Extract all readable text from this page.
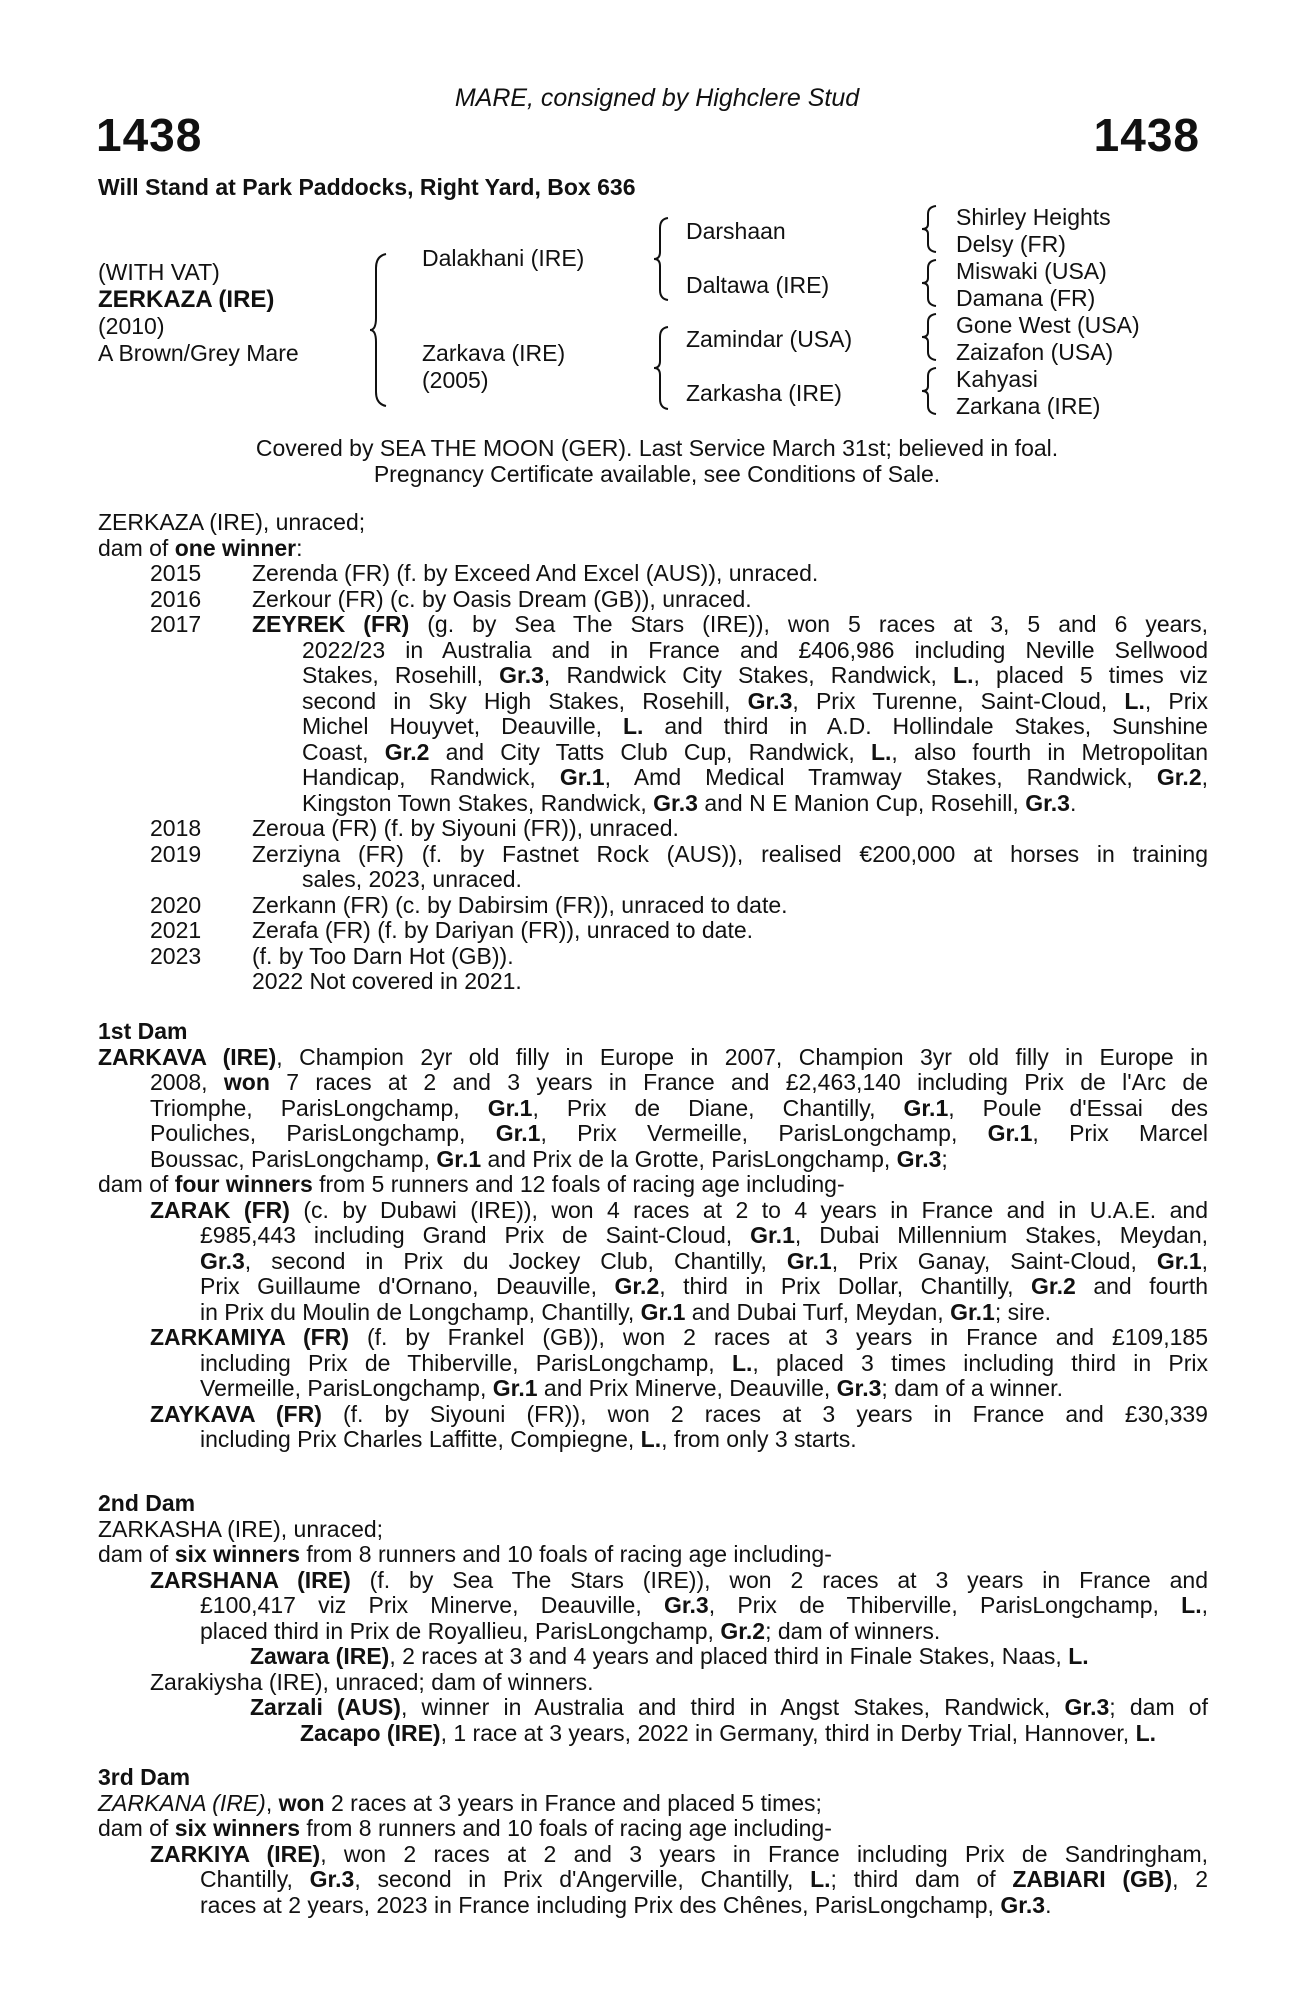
MARE, consigned by Highclere Stud
1438	1438
Will Stand at Park Paddocks, Right Yard, Box 636
(WITH VAT)
ZERKAZA (IRE)
(2010)
A Brown/Grey Mare
Dalakhani (IRE)
Zarkava (IRE)
(2005)
Darshaan
Daltawa (IRE)
Zamindar (USA)
Zarkasha (IRE)
Shirley Heights
Delsy (FR)
Miswaki (USA)
Damana (FR)
Gone West (USA)
Zaizafon (USA)
Kahyasi
Zarkana (IRE)
Covered by SEA THE MOON (GER). Last Service March 31st; believed in foal.
Pregnancy Certificate available, see Conditions of Sale.
ZERKAZA (IRE), unraced;
dam of one winner:
2015 Zerenda (FR) (f. by Exceed And Excel (AUS)), unraced.
2016 Zerkour (FR) (c. by Oasis Dream (GB)), unraced.
2017 ZEYREK (FR) (g. by Sea The Stars (IRE)), won 5 races at 3, 5 and 6 years,
2022/23 in Australia and in France and £406,986 including Neville Sellwood
Stakes, Rosehill, Gr.3, Randwick City Stakes, Randwick, L., placed 5 times viz
second in Sky High Stakes, Rosehill, Gr.3, Prix Turenne, Saint-Cloud, L., Prix
Michel Houyvet, Deauville, L. and third in A.D. Hollindale Stakes, Sunshine
Coast, Gr.2 and City Tatts Club Cup, Randwick, L., also fourth in Metropolitan
Handicap, Randwick, Gr.1, Amd Medical Tramway Stakes, Randwick, Gr.2,
Kingston Town Stakes, Randwick, Gr.3 and N E Manion Cup, Rosehill, Gr.3.
2018 Zeroua (FR) (f. by Siyouni (FR)), unraced.
2019 Zerziyna (FR) (f. by Fastnet Rock (AUS)), realised €200,000 at horses in training
sales, 2023, unraced.
2020 Zerkann (FR) (c. by Dabirsim (FR)), unraced to date.
2021 Zerafa (FR) (f. by Dariyan (FR)), unraced to date.
2023 (f. by Too Darn Hot (GB)).
2022 Not covered in 2021.
1st Dam
ZARKAVA (IRE), Champion 2yr old filly in Europe in 2007, Champion 3yr old filly in Europe in
2008, won 7 races at 2 and 3 years in France and £2,463,140 including Prix de l'Arc de
Triomphe, ParisLongchamp, Gr.1, Prix de Diane, Chantilly, Gr.1, Poule d'Essai des
Pouliches, ParisLongchamp, Gr.1, Prix Vermeille, ParisLongchamp, Gr.1, Prix Marcel
Boussac, ParisLongchamp, Gr.1 and Prix de la Grotte, ParisLongchamp, Gr.3;
dam of four winners from 5 runners and 12 foals of racing age including-
ZARAK (FR) (c. by Dubawi (IRE)), won 4 races at 2 to 4 years in France and in U.A.E. and
£985,443 including Grand Prix de Saint-Cloud, Gr.1, Dubai Millennium Stakes, Meydan,
Gr.3, second in Prix du Jockey Club, Chantilly, Gr.1, Prix Ganay, Saint-Cloud, Gr.1,
Prix Guillaume d'Ornano, Deauville, Gr.2, third in Prix Dollar, Chantilly, Gr.2 and fourth
in Prix du Moulin de Longchamp, Chantilly, Gr.1 and Dubai Turf, Meydan, Gr.1; sire.
ZARKAMIYA (FR) (f. by Frankel (GB)), won 2 races at 3 years in France and £109,185
including Prix de Thiberville, ParisLongchamp, L., placed 3 times including third in Prix
Vermeille, ParisLongchamp, Gr.1 and Prix Minerve, Deauville, Gr.3; dam of a winner.
ZAYKAVA (FR) (f. by Siyouni (FR)), won 2 races at 3 years in France and £30,339
including Prix Charles Laffitte, Compiegne, L., from only 3 starts.
2nd Dam
ZARKASHA (IRE), unraced;
dam of six winners from 8 runners and 10 foals of racing age including-
ZARSHANA (IRE) (f. by Sea The Stars (IRE)), won 2 races at 3 years in France and
£100,417 viz Prix Minerve, Deauville, Gr.3, Prix de Thiberville, ParisLongchamp, L.,
placed third in Prix de Royallieu, ParisLongchamp, Gr.2; dam of winners.
Zawara (IRE), 2 races at 3 and 4 years and placed third in Finale Stakes, Naas, L.
Zarakiysha (IRE), unraced; dam of winners.
Zarzali (AUS), winner in Australia and third in Angst Stakes, Randwick, Gr.3; dam of
Zacapo (IRE), 1 race at 3 years, 2022 in Germany, third in Derby Trial, Hannover, L.
3rd Dam
ZARKANA (IRE), won 2 races at 3 years in France and placed 5 times;
dam of six winners from 8 runners and 10 foals of racing age including-
ZARKIYA (IRE), won 2 races at 2 and 3 years in France including Prix de Sandringham,
Chantilly, Gr.3, second in Prix d'Angerville, Chantilly, L.; third dam of ZABIARI (GB), 2
races at 2 years, 2023 in France including Prix des Chênes, ParisLongchamp, Gr.3.
